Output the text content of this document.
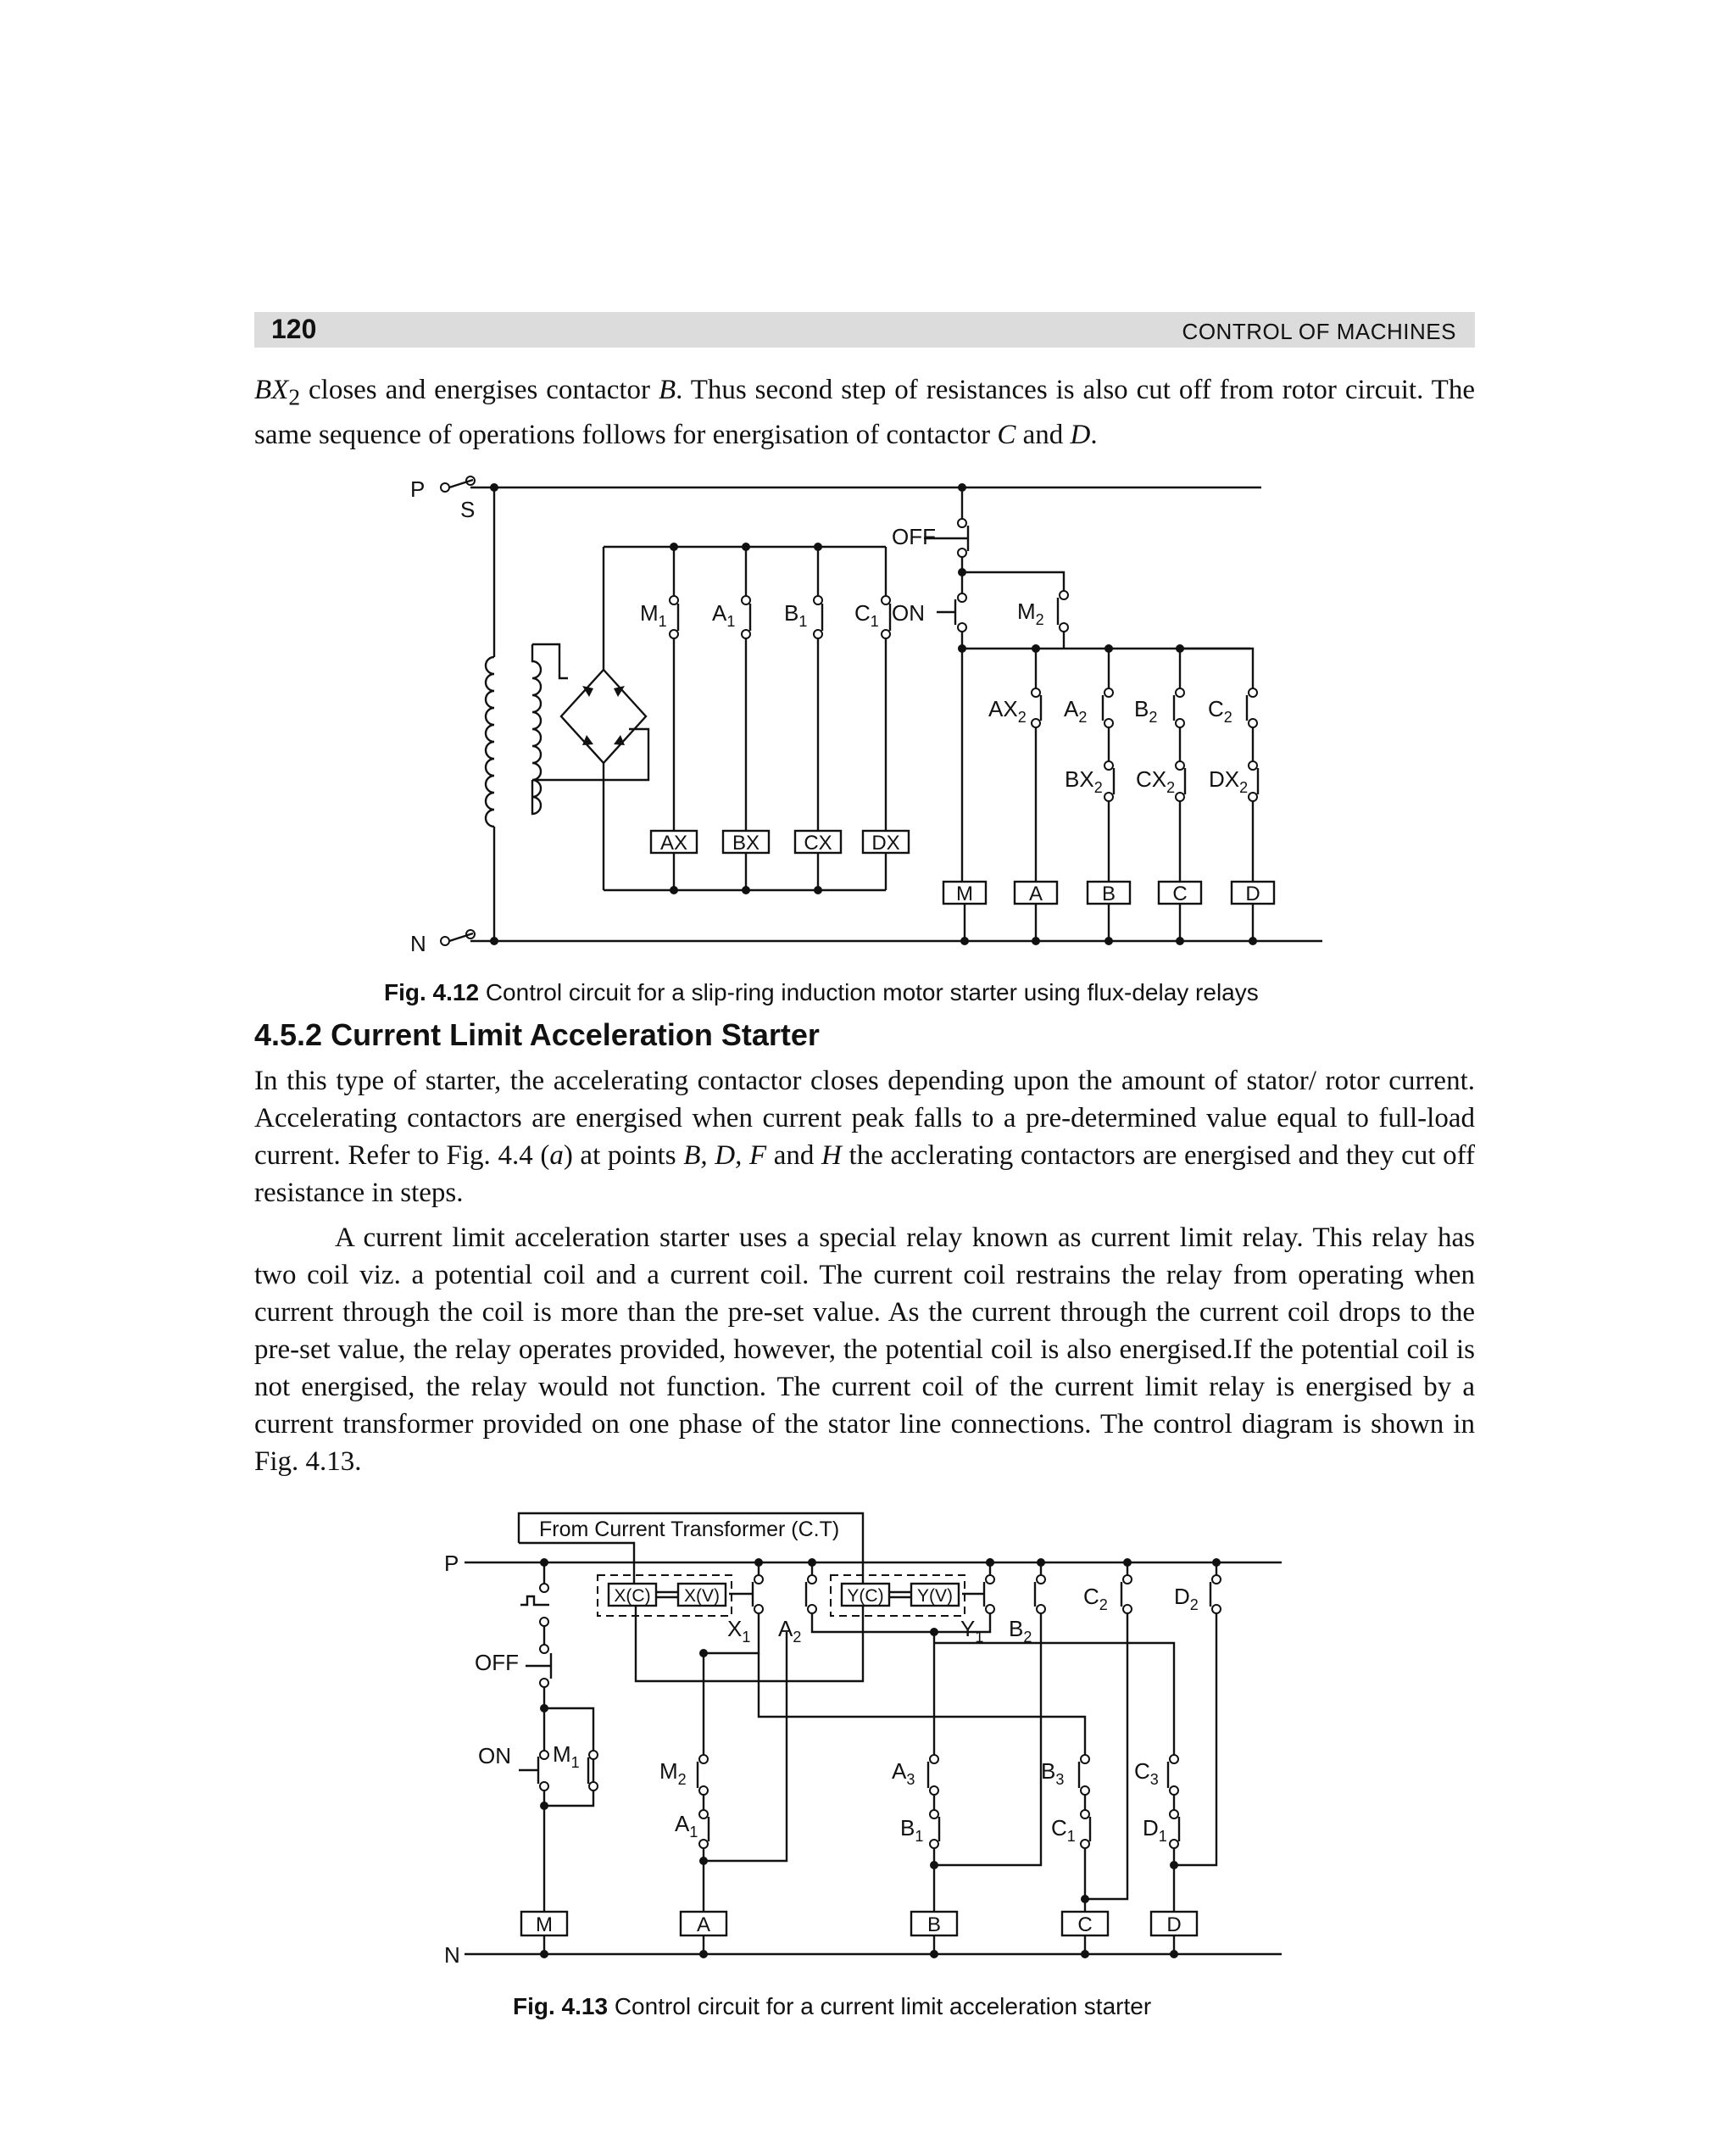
120	CONTROL OF MACHINES

$BX_2$ closes and energises contactor B. Thus second step of resistances is also cut off from rotor circuit. The same sequence of operations follows for energisation of contactor C and D.

P
N
S
AX BX CX DX
$M_1$ $A_1$ $B_1$ $C_1$
OFF
ON	$M_2$
M	A	B	C	D
$AX_2$ $A_2$ $B_2$ $C_2$
$BX_2$ $CX_2$ $DX_2$
Fig. 4.12 Control circuit for a slip-ring induction motor starter using flux-delay relays
4.5.2 Current Limit Acceleration Starter

In this type of starter, the accelerating contactor closes depending upon the amount of stator/ rotor current. Accelerating contactors are energised when current peak falls to a pre-determined value equal to full-load current. Refer to Fig. 4.4 (a) at points B, D, F and H the acclerating contactors are energised and they cut off resistance in steps.

A current limit acceleration starter uses a special relay known as current limit relay. This relay has two coil viz. a potential coil and a current coil. The current coil restrains the relay from operating when current through the coil is more than the pre-set value. As the current through the current coil drops to the pre-set value, the relay operates provided, however, the potential coil is also energised.If the potential coil is not energised, the relay would not function. The current coil of the current limit relay is energised by a current transformer provided on one phase of the stator line connections. The control diagram is shown in Fig. 4.13.

P
N
From Current Transformer (C.T)
OFF
ON $M_1$
X(C) X(V)	Y(C) Y(V)
$X_1$ $A_2$	$Y_1$ $B_2$
$C_2$	$D_2$
$M_2$
$A_1$
$A_3$
$B_1$
$B_3$
$C_1$
$C_3$
$D_1$
M	A	B	C	D
Fig. 4.13 Control circuit for a current limit acceleration starter
